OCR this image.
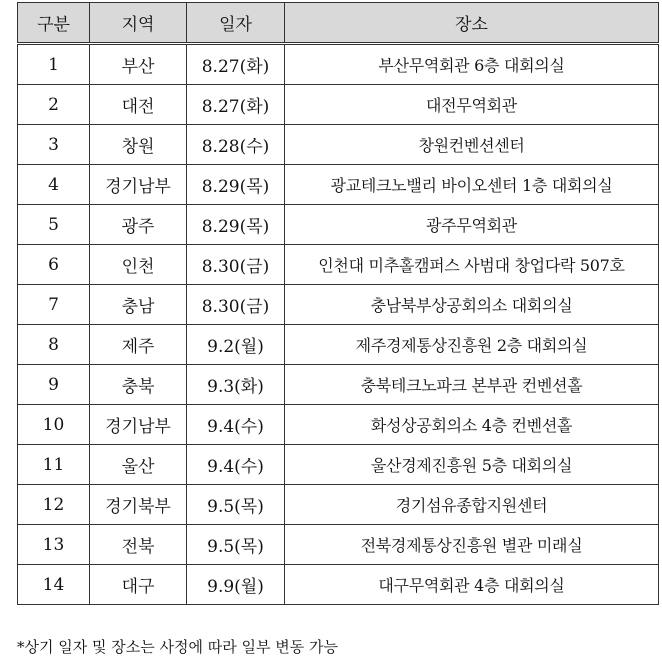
구분	지역	일자	장소
1	부산	8.27(화)	부산무역회관 6층 대회의실
2	대전	8.27(화)	대전무역회관
3	창원	8.28(수)	창원컨벤션센터
4	경기남부	8.29(목)	광교테크노밸리 바이오센터 1층 대회의실
5	광주	8.29(목)	광주무역회관
6	인천	8.30(금)	인천대 미추홀캠퍼스 사범대 창업다락 507호
7	충남	8.30(금)	충남북부상공회의소 대회의실
8	제주	9.2(월)	제주경제통상진흥원 2층 대회의실
9	충북	9.3(화)	충북테크노파크 본부관 컨벤션홀
10	경기남부	9.4(수)	화성상공회의소 4층 컨벤션홀
11	울산	9.4(수)	울산경제진흥원 5층 대회의실
12	경기북부	9.5(목)	경기섬유종합지원센터
13	전북	9.5(목)	전북경제통상진흥원 별관 미래실
14	대구	9.9(월)	대구무역회관 4층 대회의실
*상기 일자 및 장소는 사정에 따라 일부 변동 가능
